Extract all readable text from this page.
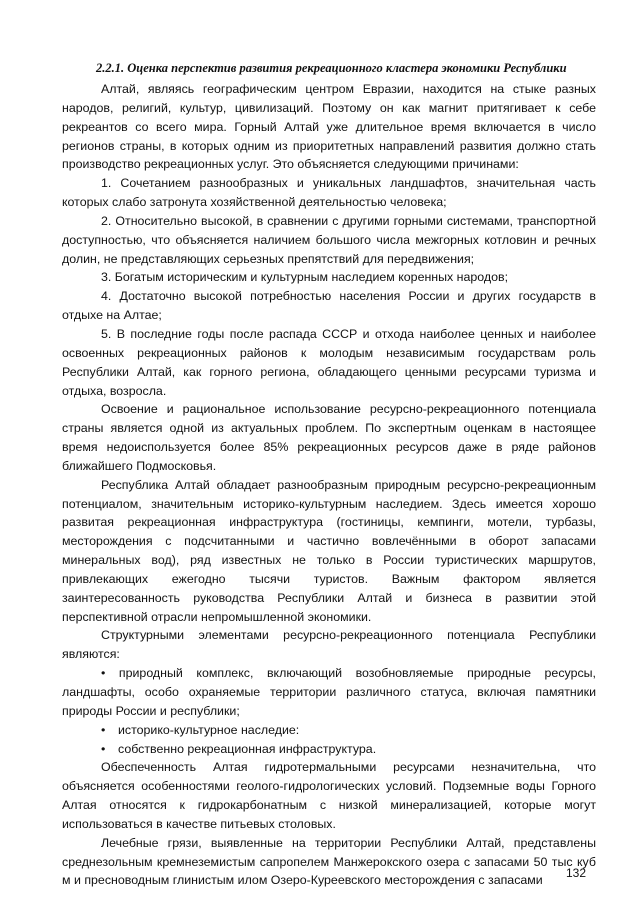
2.2.1. Оценка перспектив развития рекреационного кластера экономики Республики

Алтай, являясь географическим центром Евразии, находится на стыке разных народов, религий, культур, цивилизаций. Поэтому он как магнит притягивает к себе рекреантов со всего мира. Горный Алтай уже длительное время включается в число регионов страны, в которых одним из приоритетных направлений развития должно стать производство рекреационных услуг. Это объясняется следующими причинами:

1. Сочетанием разнообразных и уникальных ландшафтов, значительная часть которых слабо затронута хозяйственной деятельностью человека;

2. Относительно высокой, в сравнении с другими горными системами, транспортной доступностью, что объясняется наличием большого числа межгорных котловин и речных долин, не представляющих серьезных препятствий для передвижения;

3. Богатым историческим и культурным наследием коренных народов;

4. Достаточно высокой потребностью населения России и других государств в отдыхе на Алтае;

5. В последние годы после распада СССР и отхода наиболее ценных и наиболее освоенных рекреационных районов к молодым независимым государствам роль Республики Алтай, как горного региона, обладающего ценными ресурсами туризма и отдыха, возросла.

Освоение и рациональное использование ресурсно-рекреационного потенциала страны является одной из актуальных проблем. По экспертным оценкам в настоящее время недоиспользуется более 85% рекреационных ресурсов даже в ряде районов ближайшего Подмосковья.

Республика Алтай обладает разнообразным природным ресурсно-рекреационным потенциалом, значительным историко-культурным наследием. Здесь имеется хорошо развитая рекреационная инфраструктура (гостиницы, кемпинги, мотели, турбазы, месторождения с подсчитанными и частично вовлечёнными в оборот запасами минеральных вод), ряд известных не только в России туристических маршрутов, привлекающих ежегодно тысячи туристов. Важным фактором является заинтересованность руководства Республики Алтай и бизнеса в развитии этой перспективной отрасли непромышленной экономики.

Структурными элементами ресурсно-рекреационного потенциала Республики являются:

• природный комплекс, включающий возобновляемые природные ресурсы, ландшафты, особо охраняемые территории различного статуса, включая памятники природы России и республики;

• историко-культурное наследие:

• собственно рекреационная инфраструктура.

Обеспеченность Алтая гидротермальными ресурсами незначительна, что объясняется особенностями геолого-гидрологических условий. Подземные воды Горного Алтая относятся к гидрокарбонатным с низкой минерализацией, которые могут использоваться в качестве питьевых столовых.

Лечебные грязи, выявленные на территории Республики Алтай, представлены среднезольным кремнеземистым сапропелем Манжерокского озера с запасами 50 тыс куб м и пресноводным глинистым илом Озеро-Куреевского месторождения с запасами

132
